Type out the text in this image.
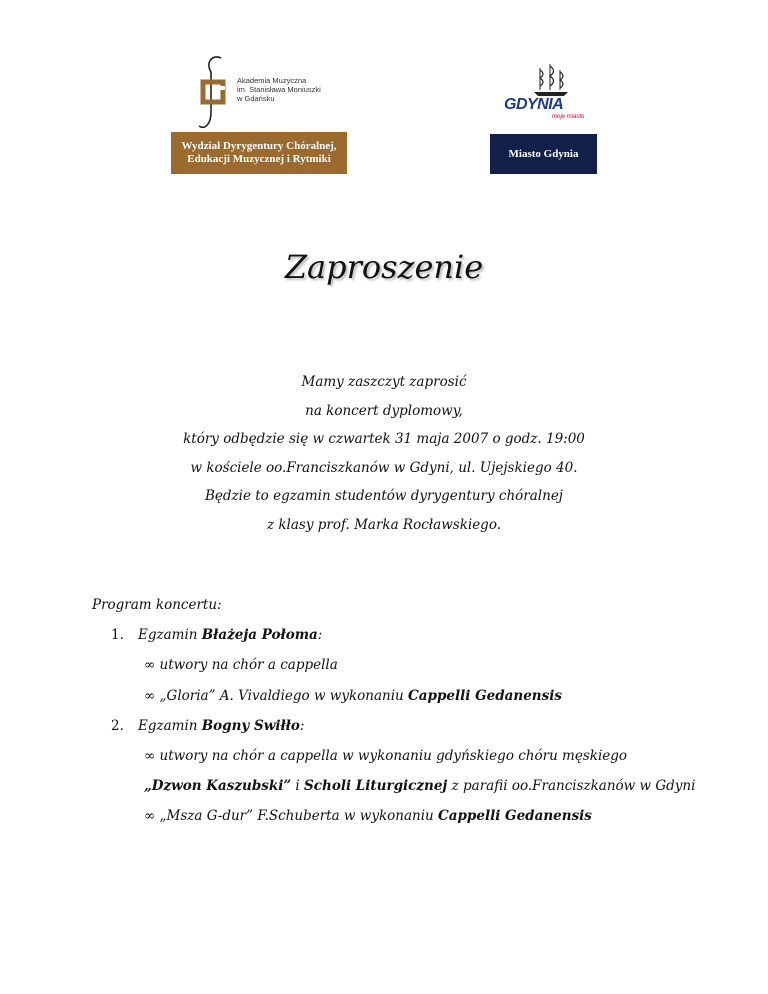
Akademia Muzyczna
im. Stanisława Moniuszki
w Gdańsku
Wydział Dyrygentury Chóralnej,
Edukacji Muzycznej i Rytmiki
GDYNIA
moje miasto
Miasto Gdynia
Zaproszenie
Mamy zaszczyt zaprosić
na koncert dyplomowy,
który odbędzie się w czwartek 31 maja 2007 o godz. 19:00
w kościele oo.Franciszkanów w Gdyni, ul. Ujejskiego 40.
Będzie to egzamin studentów dyrygentury chóralnej
z klasy prof. Marka Rocławskiego.
Program koncertu:
1. Egzamin Błażeja Połoma:
∞ utwory na chór a cappella
∞ „Gloria” A. Vivaldiego w wykonaniu Cappelli Gedanensis
2. Egzamin Bogny Swiłło:
∞ utwory na chór a cappella w wykonaniu gdyńskiego chóru męskiego
„Dzwon Kaszubski” i Scholi Liturgicznej z parafii oo.Franciszkanów w Gdyni
∞ „Msza G-dur” F.Schuberta w wykonaniu Cappelli Gedanensis
